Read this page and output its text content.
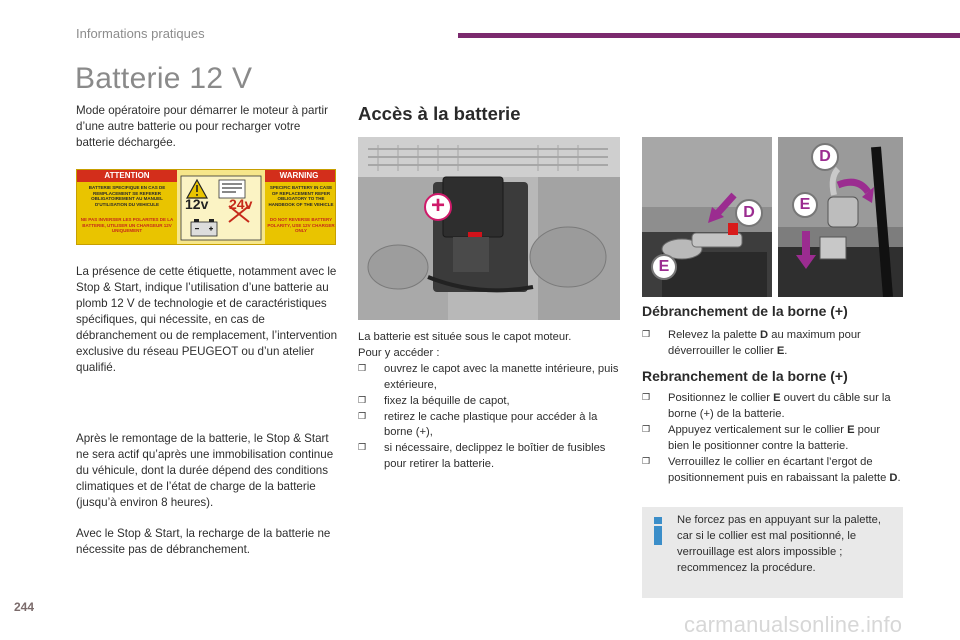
Informations pratiques
Batterie 12 V

Mode opératoire pour démarrer le moteur à partir d’une autre batterie ou pour recharger votre batterie déchargée.

ATTENTION	WARNING
BATTERIE SPECIFIQUE EN CAS DE REMPLACEMENT SE REFERER OBLIGATOIREMENT AU MANUEL D'UTILISATION DU VEHICULE
NE PAS INVERSER LES POLARITES DE LA BATTERIE, UTILISER UN CHARGEUR 12V UNIQUEMENT
12v 24v
SPECIFIC BATTERY IN CASE OF REPLACEMENT REFER OBLIGATORY TO THE HANDBOOK OF THE VEHICLE
DO NOT REVERSE BATTERY POLARITY, USE 12V CHARGER ONLY

La présence de cette étiquette, notamment avec le Stop & Start, indique l’utilisation d’une batterie au plomb 12 V de technologie et de caractéristiques spécifiques, qui nécessite, en cas de débranchement ou de remplacement, l’intervention exclusive du réseau PEUGEOT ou d’un atelier qualifié.

Après le remontage de la batterie, le Stop & Start ne sera actif qu’après une immobilisation continue du véhicule, dont la durée dépend des conditions climatiques et de l’état de charge de la batterie (jusqu’à environ 8 heures).

Avec le Stop & Start, la recharge de la batterie ne nécessite pas de débranchement.

Accès à la batterie
+
La batterie est située sous le capot moteur.
Pour y accéder :
❒ ouvrez le capot avec la manette intérieure, puis extérieure,
❒ fixez la béquille de capot,
❒ retirez le cache plastique pour accéder à la borne (+),
❒ si nécessaire, declippez le boîtier de fusibles pour retirer la batterie.
D
E
D
E
Débranchement de la borne (+)
❒ Relevez la palette D au maximum pour déverrouiller le collier E.
Rebranchement de la borne (+)
❒ Positionnez le collier E ouvert du câble sur la borne (+) de la batterie.
❒ Appuyez verticalement sur le collier E pour bien le positionner contre la batterie.
❒ Verrouillez le collier en écartant l’ergot de positionnement puis en rabaissant la palette D.
Ne forcez pas en appuyant sur la palette, car si le collier est mal positionné, le verrouillage est alors impossible ; recommencez la procédure.
244
carmanualsonline.info
